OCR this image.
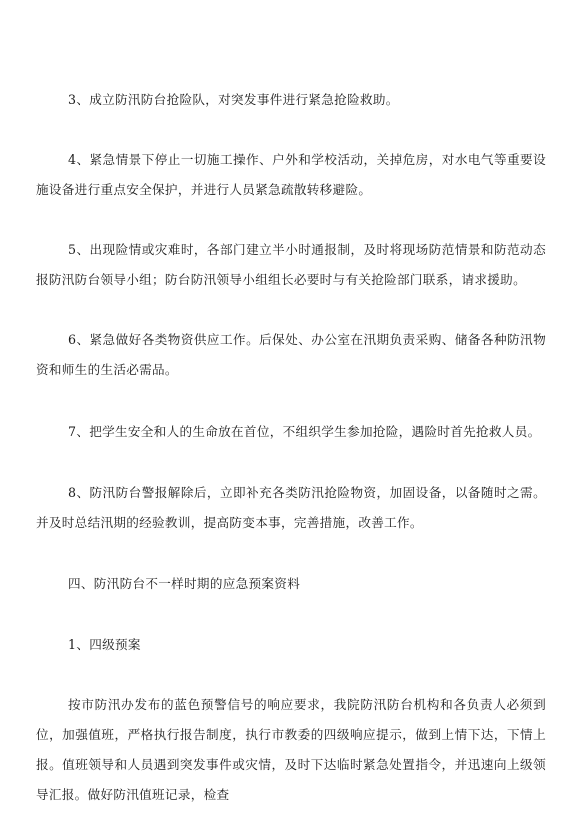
3、成立防汛防台抢险队，对突发事件进行紧急抢险救助。

4、紧急情景下停止一切施工操作、户外和学校活动，关掉危房，对水电气等重要设施设备进行重点安全保护，并进行人员紧急疏散转移避险。

5、出现险情或灾难时，各部门建立半小时通报制，及时将现场防范情景和防范动态报防汛防台领导小组；防台防汛领导小组组长必要时与有关抢险部门联系，请求援助。

6、紧急做好各类物资供应工作。后保处、办公室在汛期负责采购、储备各种防汛物资和师生的生活必需品。

7、把学生安全和人的生命放在首位，不组织学生参加抢险，遇险时首先抢救人员。

8、防汛防台警报解除后，立即补充各类防汛抢险物资，加固设备，以备随时之需。并及时总结汛期的经验教训，提高防变本事，完善措施，改善工作。

四、防汛防台不一样时期的应急预案资料

1、四级预案

按市防汛办发布的蓝色预警信号的响应要求，我院防汛防台机构和各负责人必须到位，加强值班，严格执行报告制度，执行市教委的四级响应提示，做到上情下达，下情上报。值班领导和人员遇到突发事件或灾情，及时下达临时紧急处置指令，并迅速向上级领导汇报。做好防汛值班记录，检查
